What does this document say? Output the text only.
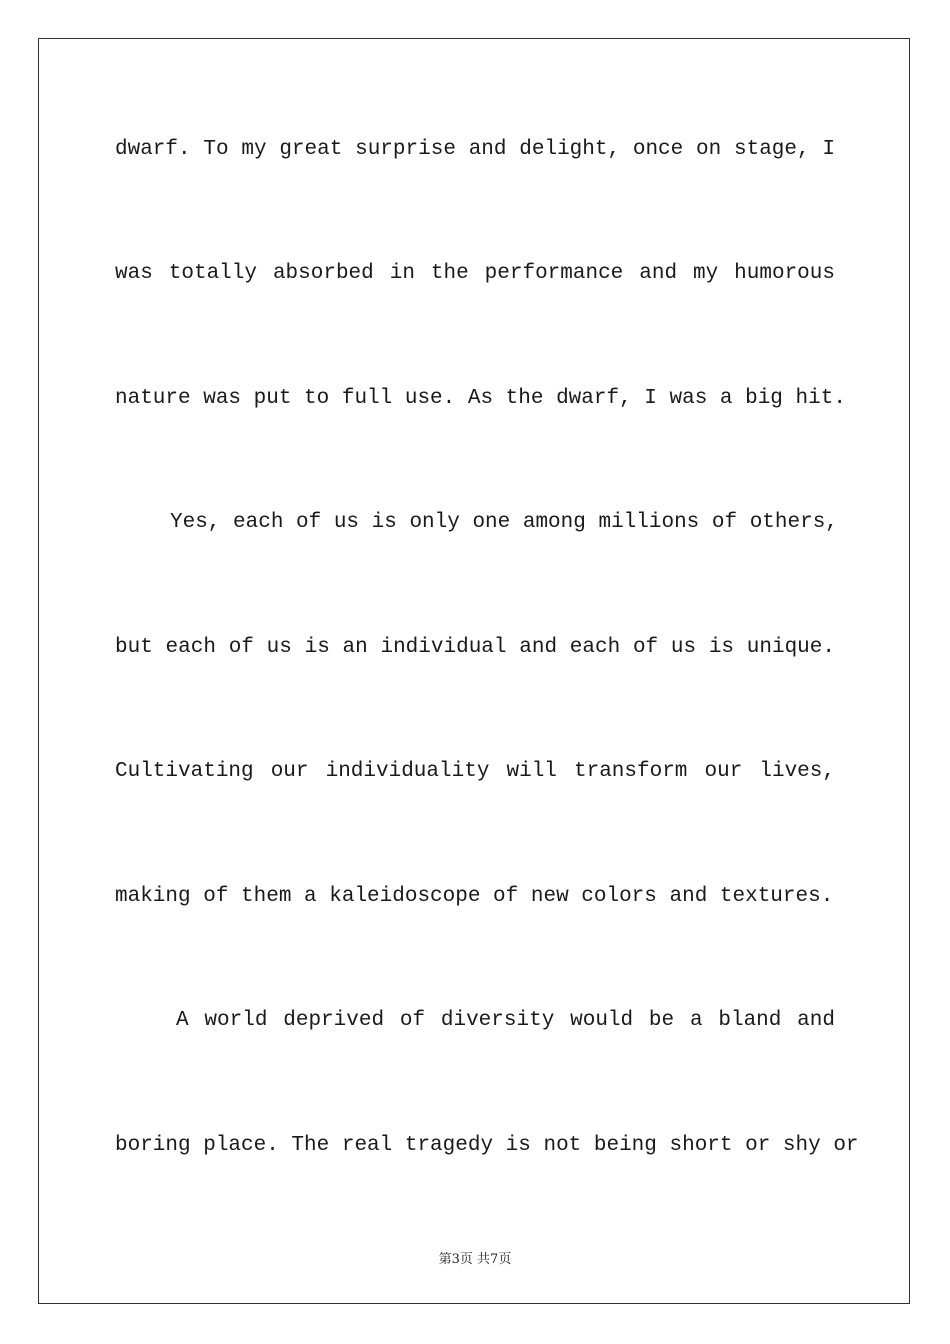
dwarf. To my great surprise and delight, once on stage, I
was totally absorbed in the performance and my humorous
nature was put to full use. As the dwarf, I was a big hit.
Yes, each of us is only one among millions of others,
but each of us is an individual and each of us is unique.
Cultivating our individuality will transform our lives,
making of them a kaleidoscope of new colors and textures.
A world deprived of diversity would be a bland and
boring place. The real tragedy is not being short or shy or
第3页 共7页
